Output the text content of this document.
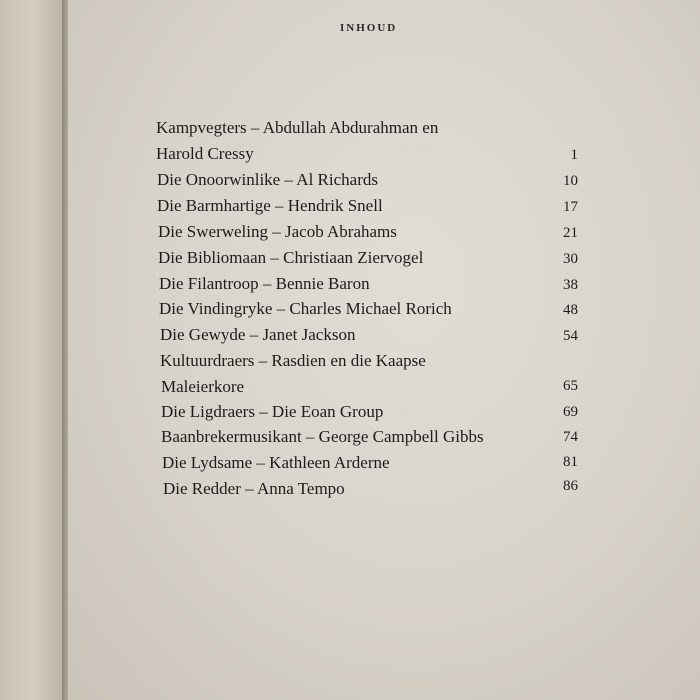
INHOUD
Kampvegters – Abdullah Abdurahman en
Harold Cressy	1
Die Onoorwinlike – Al Richards	10
Die Barmhartige – Hendrik Snell	17
Die Swerweling – Jacob Abrahams	21
Die Bibliomaan – Christiaan Ziervogel	30
Die Filantroop – Bennie Baron	38
Die Vindingryke – Charles Michael Rorich	48
Die Gewyde – Janet Jackson	54
Kultuurdraers – Rasdien en die Kaapse
Maleierkore	65
Die Ligdraers – Die Eoan Group	69
Baanbrekermusikant – George Campbell Gibbs	74
Die Lydsame – Kathleen Arderne	81
Die Redder – Anna Tempo	86
